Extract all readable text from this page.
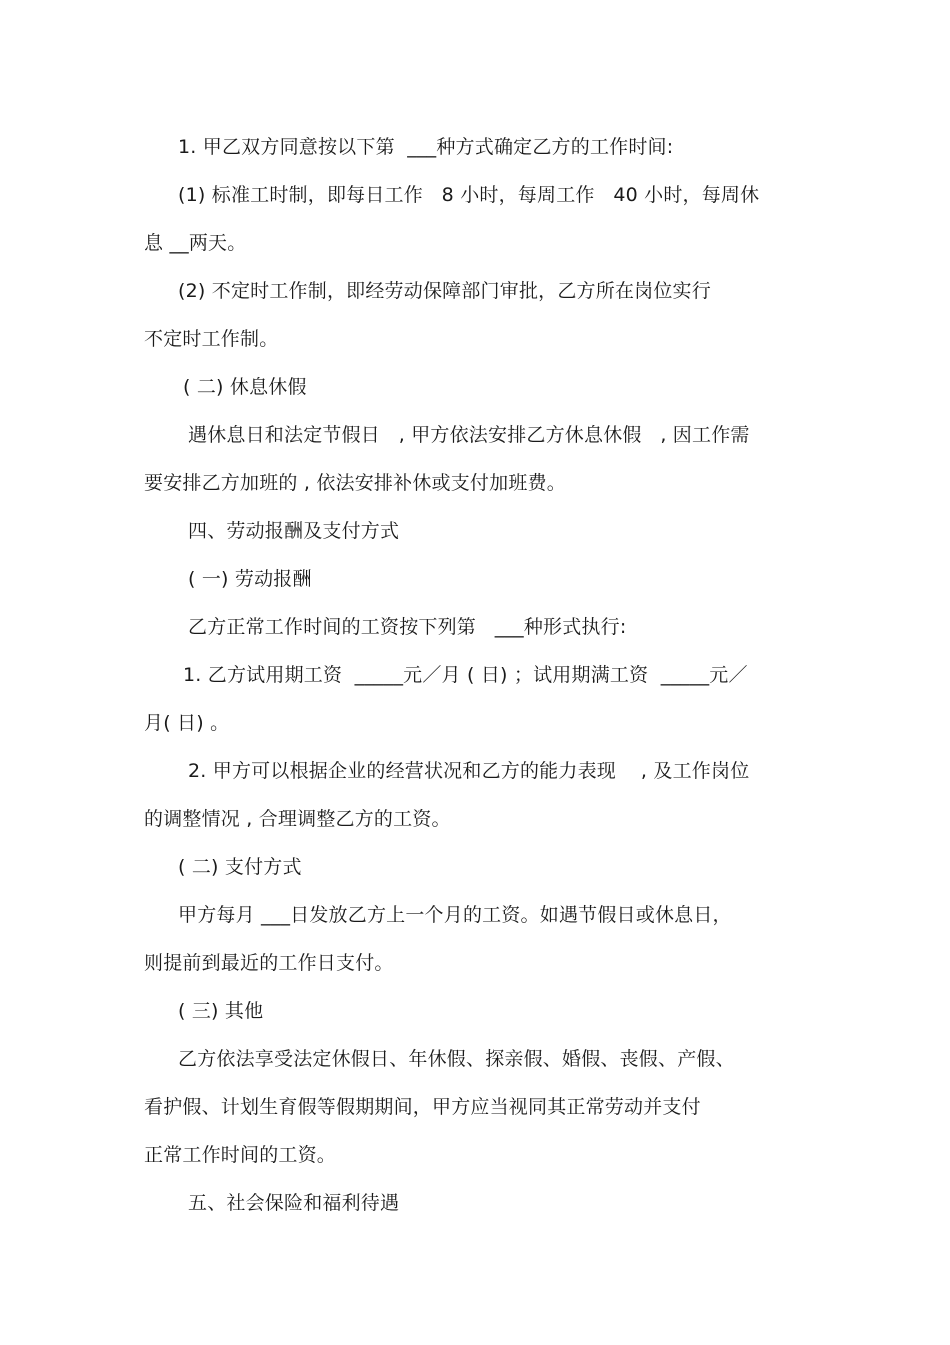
1. 甲乙双方同意按以下第  ___种方式确定乙方的工作时间:
(1) 标准工时制，即每日工作   8 小时，每周工作   40 小时，每周休
息 __两天。
(2) 不定时工作制，即经劳动保障部门审批，乙方所在岗位实行
不定时工作制。
( 二) 休息休假
遇休息日和法定节假日   , 甲方依法安排乙方休息休假   , 因工作需
要安排乙方加班的 , 依法安排补休或支付加班费。
四、劳动报酬及支付方式
( 一) 劳动报酬
乙方正常工作时间的工资按下列第   ___种形式执行:
1. 乙方试用期工资  _____元／月 ( 日) ；试用期满工资  _____元／
月( 日) 。
2. 甲方可以根据企业的经营状况和乙方的能力表现    , 及工作岗位
的调整情况 , 合理调整乙方的工资。
( 二) 支付方式
甲方每月 ___日发放乙方上一个月的工资。如遇节假日或休息日，
则提前到最近的工作日支付。
( 三) 其他
乙方依法享受法定休假日、年休假、探亲假、婚假、丧假、产假、
看护假、计划生育假等假期期间，甲方应当视同其正常劳动并支付
正常工作时间的工资。
五、社会保险和福利待遇
